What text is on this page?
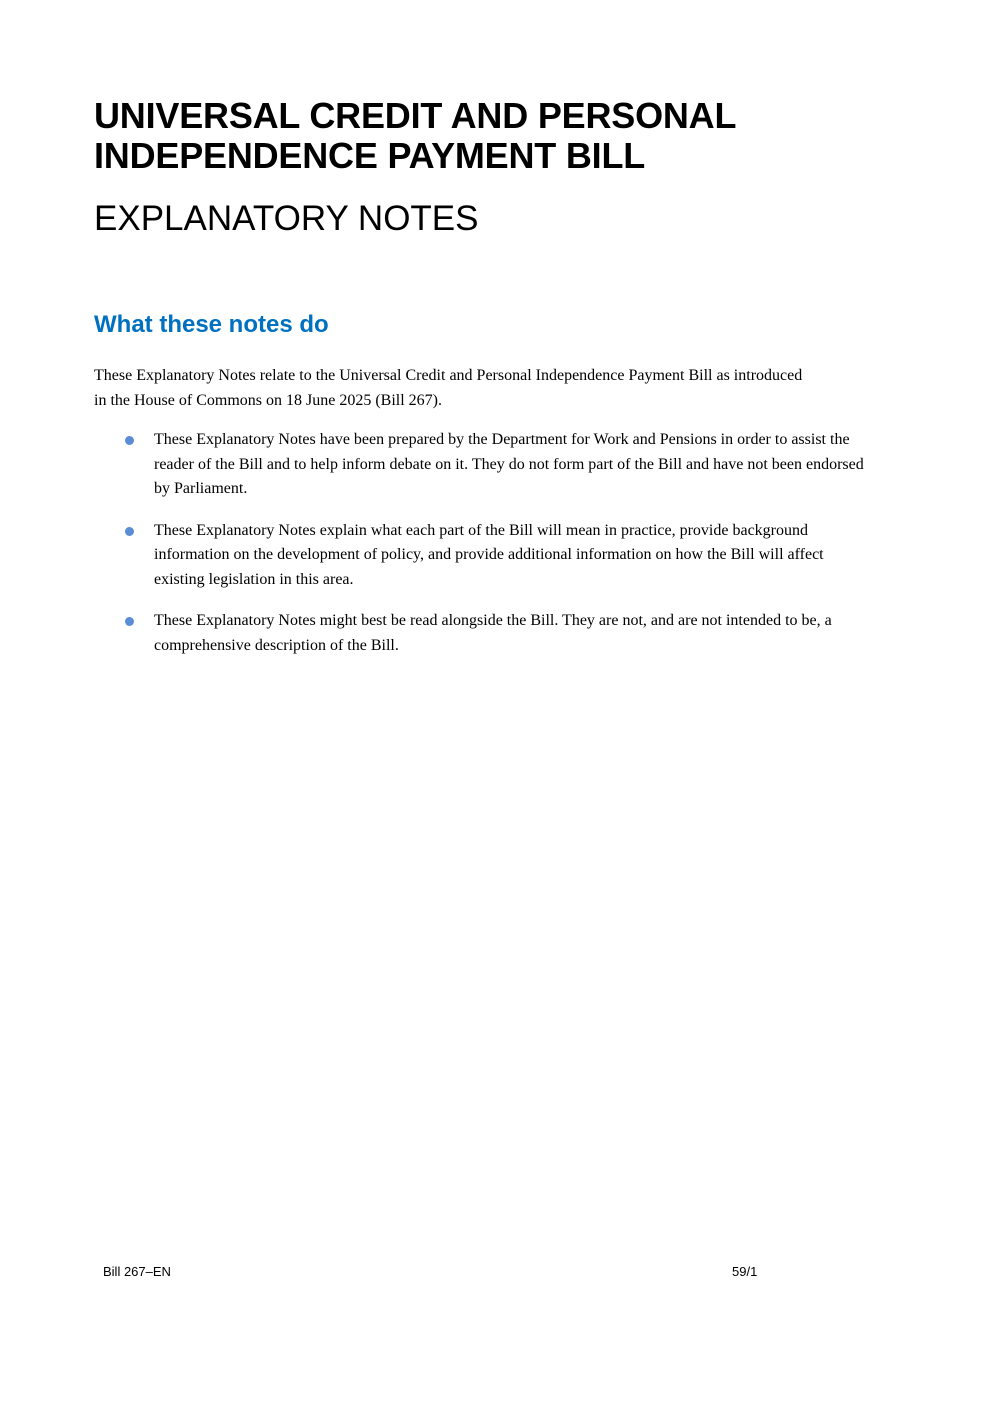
UNIVERSAL CREDIT AND PERSONAL
INDEPENDENCE PAYMENT BILL
EXPLANATORY NOTES
What these notes do

These Explanatory Notes relate to the Universal Credit and Personal Independence Payment Bill as introduced in the House of Commons on 18 June 2025 (Bill 267).

These Explanatory Notes have been prepared by the Department for Work and Pensions in order to assist the reader of the Bill and to help inform debate on it. They do not form part of the Bill and have not been endorsed by Parliament.
These Explanatory Notes explain what each part of the Bill will mean in practice, provide background information on the development of policy, and provide additional information on how the Bill will affect existing legislation in this area.
These Explanatory Notes might best be read alongside the Bill. They are not, and are not intended to be, a comprehensive description of the Bill.
Bill 267–EN	59/1
